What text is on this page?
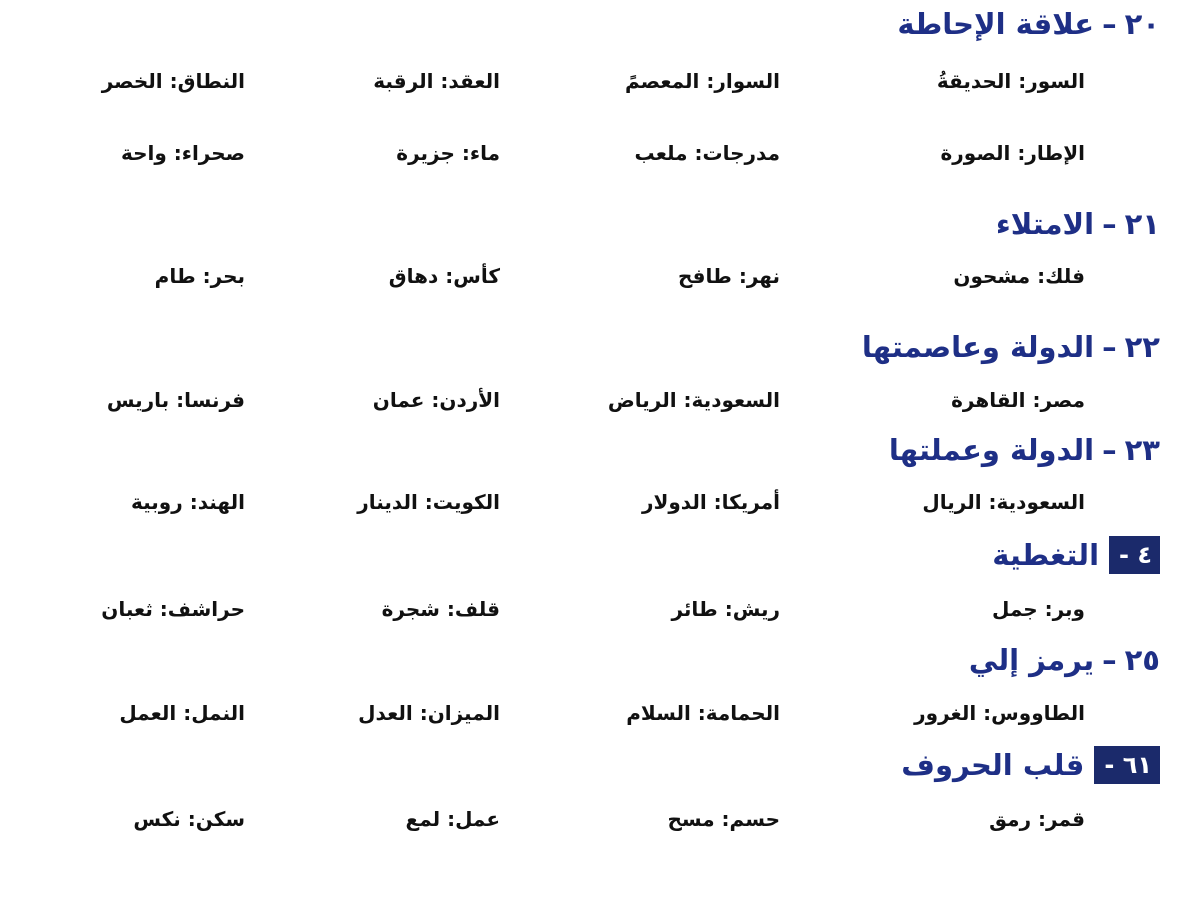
٢٠
–
علاقة الإحاطة
السور: الحديقةُ
السوار: المعصمً
العقد: الرقبة
النطاق: الخصر
الإطار: الصورة
مدرجات: ملعب
ماء: جزيرة
صحراء: واحة
٢١
–
الامتلاء
فلك: مشحون
نهر: طافح
كأس: دهاق
بحر: طام
٢٢
–
الدولة وعاصمتها
مصر: القاهرة
السعودية: الرياض
الأردن: عمان
فرنسا: باريس
٢٣
–
الدولة وعملتها
السعودية: الريال
أمريكا: الدولار
الكويت: الدينار
الهند: روبية
٤ -
التغطية
وبر: جمل
ريش: طائر
قلف: شجرة
حراشف: ثعبان
٢٥
–
يرمز إلي
الطاووس: الغرور
الحمامة: السلام
الميزان: العدل
النمل: العمل
٦١ -
قلب الحروف
قمر: رمق
حسم: مسح
عمل: لمع
سكن: نكس
